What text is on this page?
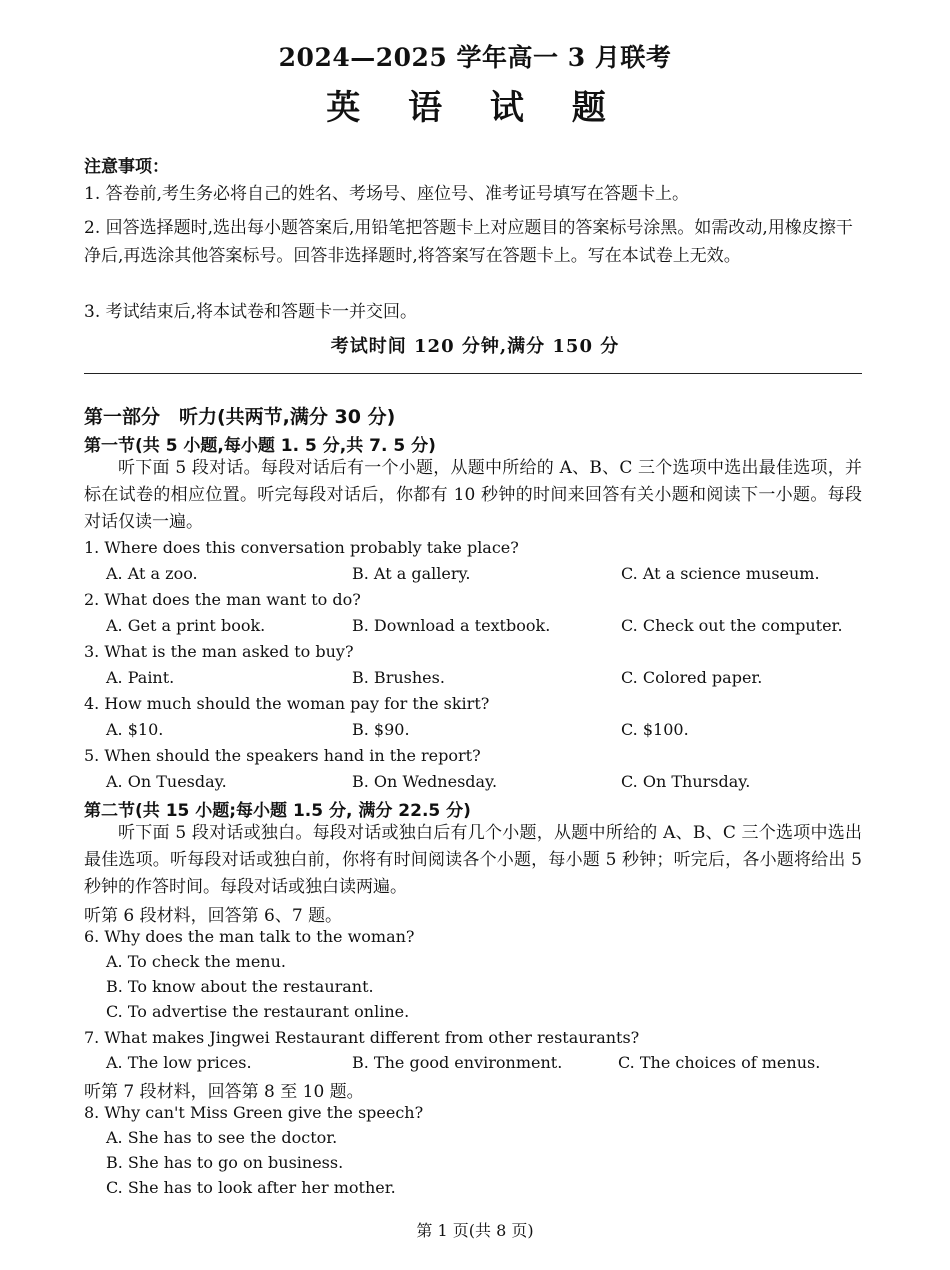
2024—2025 学年高一 3 月联考
英 语 试 题
注意事项：
1. 答卷前,考生务必将自己的姓名、考场号、座位号、准考证号填写在答题卡上。
2. 回答选择题时,选出每小题答案后,用铅笔把答题卡上对应题目的答案标号涂黑。如需改动,用橡皮擦干净后,再选涂其他答案标号。回答非选择题时,将答案写在答题卡上。写在本试卷上无效。
3. 考试结束后,将本试卷和答题卡一并交回。
考试时间 120 分钟,满分 150 分
第一部分　听力(共两节,满分 30 分)
第一节(共 5 小题,每小题 1. 5 分,共 7. 5 分)
听下面 5 段对话。每段对话后有一个小题，从题中所给的 A、B、C 三个选项中选出最佳选项，并标在试卷的相应位置。听完每段对话后，你都有 10 秒钟的时间来回答有关小题和阅读下一小题。每段对话仅读一遍。
1. Where does this conversation probably take place?
A. At a zoo.	B. At a gallery.	C. At a science museum.
2. What does the man want to do?
A. Get a print book.	B. Download a textbook.	C. Check out the computer.
3. What is the man asked to buy?
A. Paint.	B. Brushes.	C. Colored paper.
4. How much should the woman pay for the skirt?
A. $10.	B. $90.	C. $100.
5. When should the speakers hand in the report?
A. On Tuesday.	B. On Wednesday.	C. On Thursday.
第二节(共 15 小题;每小题 1.5 分, 满分 22.5 分)
听下面 5 段对话或独白。每段对话或独白后有几个小题，从题中所给的 A、B、C 三个选项中选出最佳选项。听每段对话或独白前，你将有时间阅读各个小题，每小题 5 秒钟；听完后，各小题将给出 5 秒钟的作答时间。每段对话或独白读两遍。
听第 6 段材料，回答第 6、7 题。
6. Why does the man talk to the woman?
A. To check the menu.
B. To know about the restaurant.
C. To advertise the restaurant online.
7. What makes Jingwei Restaurant different from other restaurants?
A. The low prices.	B. The good environment.	C. The choices of menus.
听第 7 段材料，回答第 8 至 10 题。
8. Why can't Miss Green give the speech?
A. She has to see the doctor.
B. She has to go on business.
C. She has to look after her mother.
第 1 页(共 8 页)
